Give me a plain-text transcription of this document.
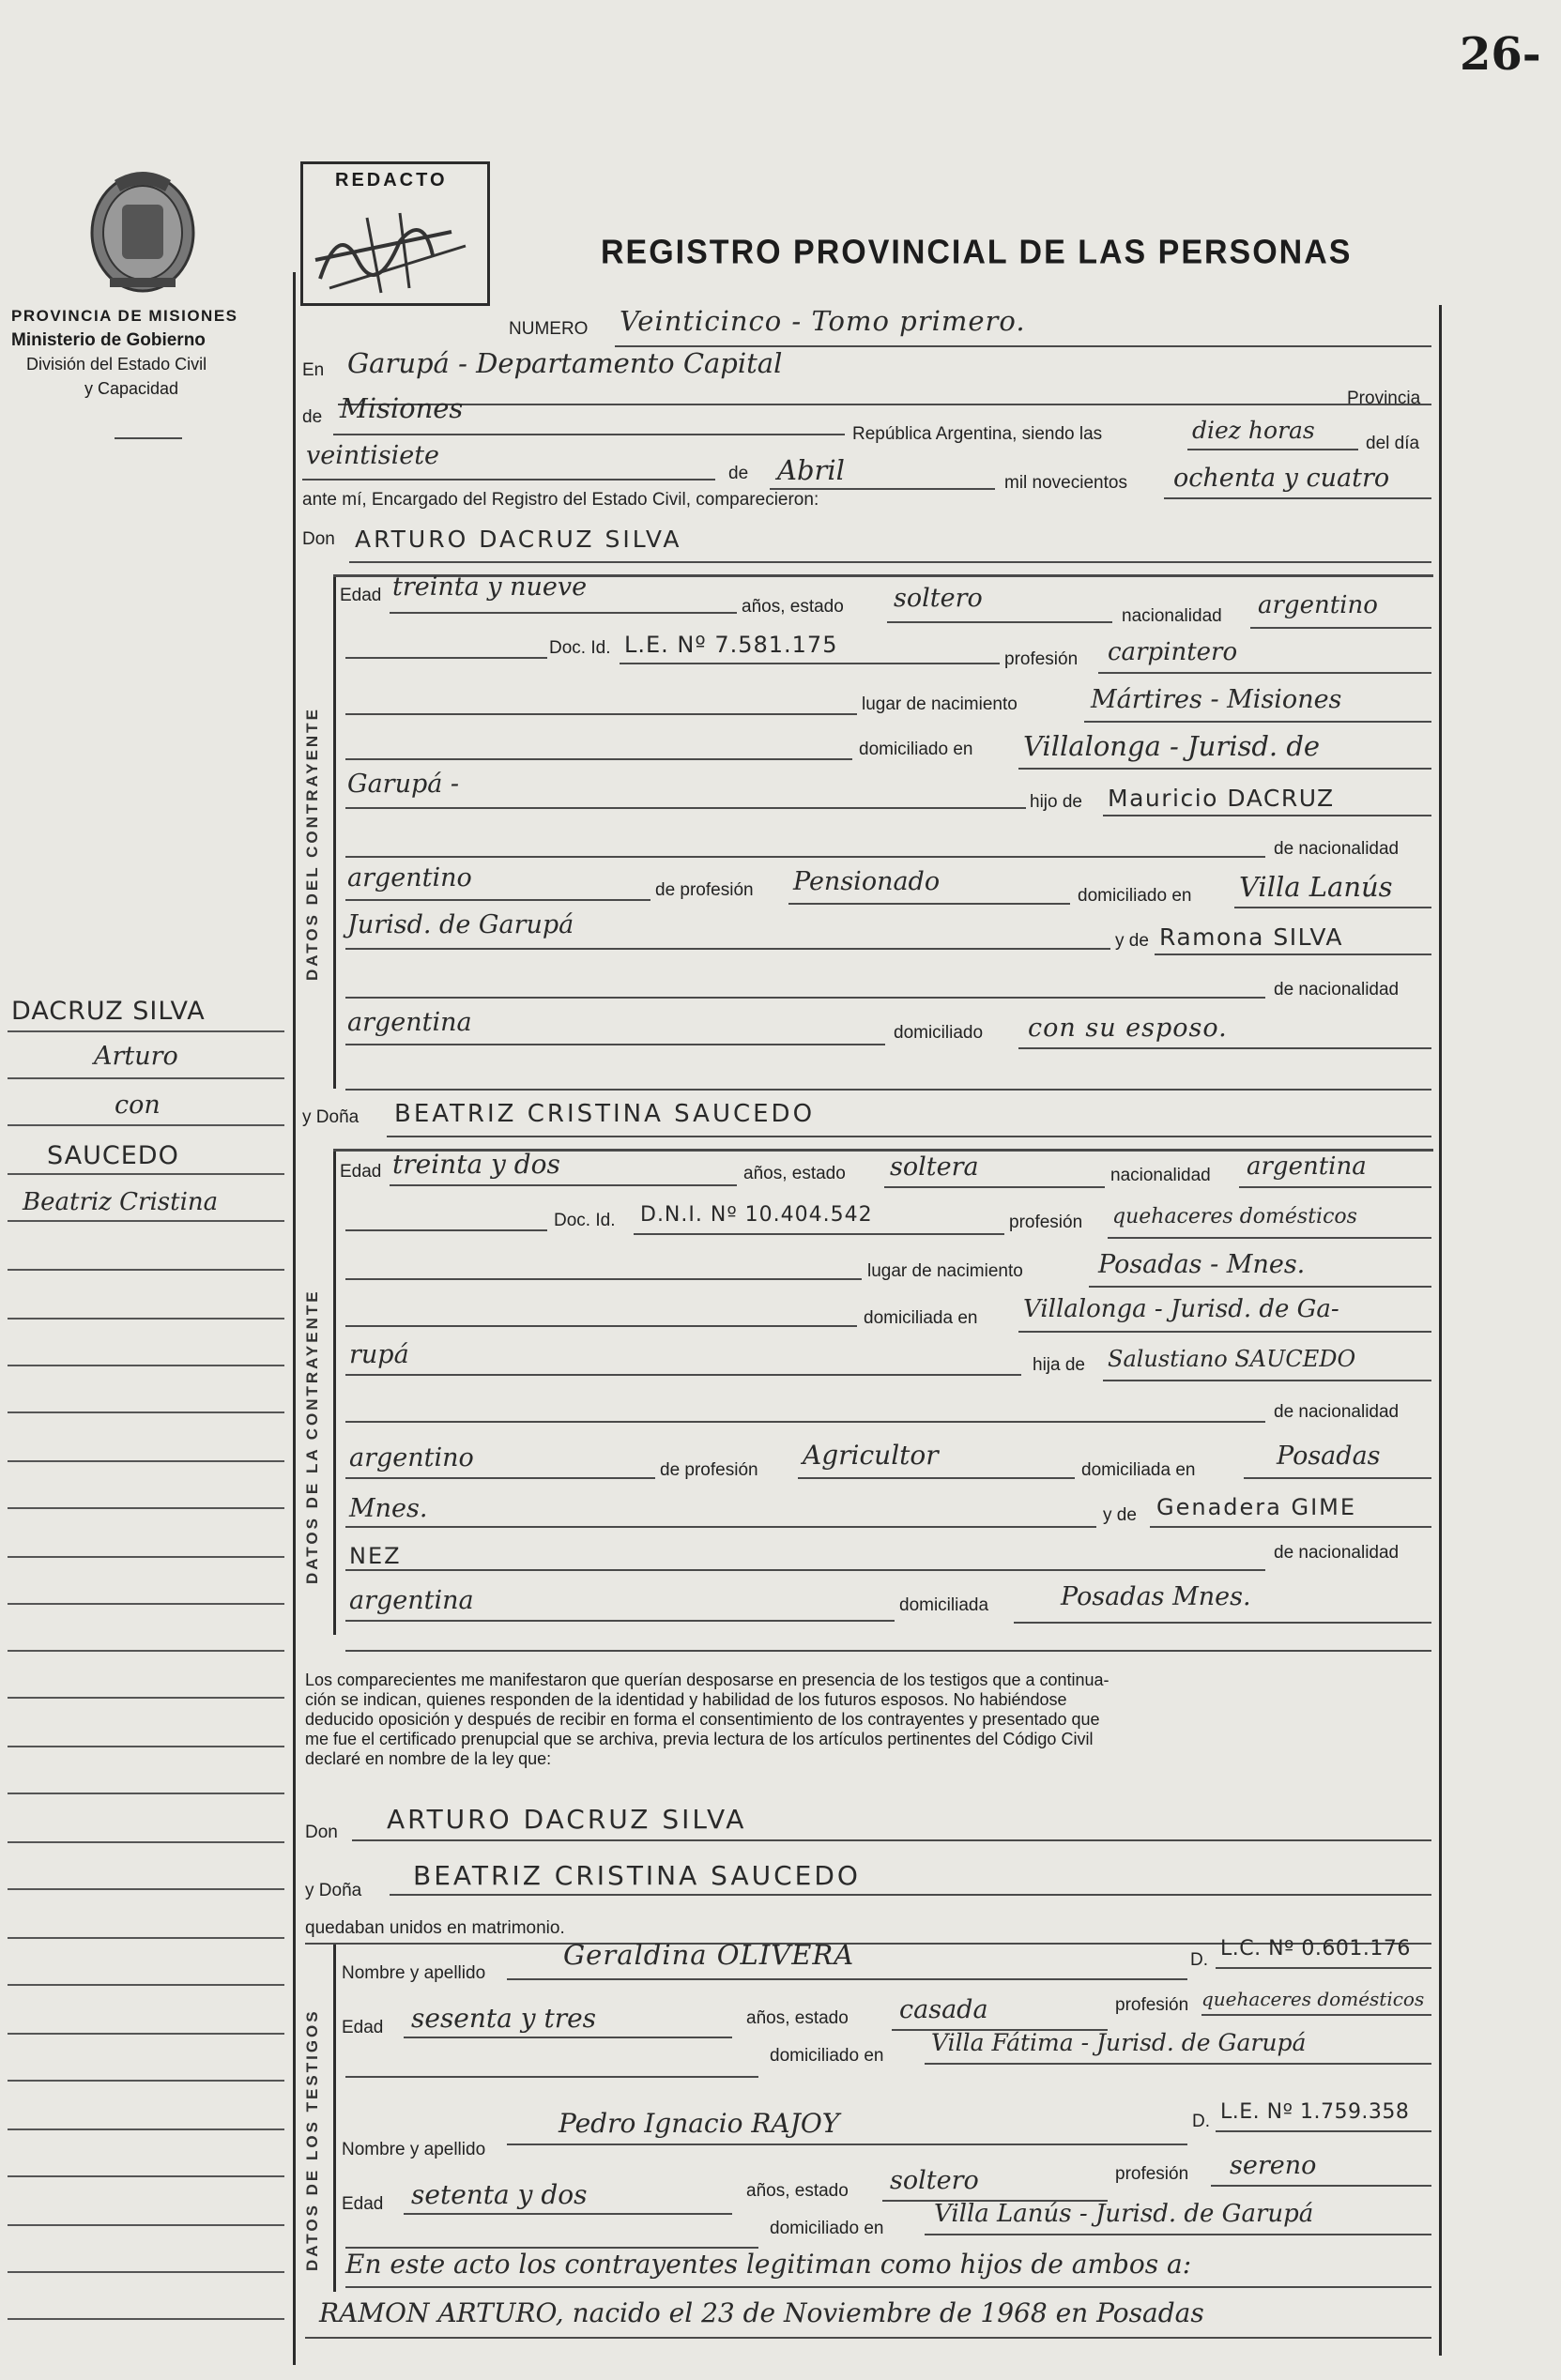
26-
PROVINCIA DE MISIONES
Ministerio de Gobierno
División del Estado Civil
y Capacidad
REDACTO
REGISTRO PROVINCIAL DE LAS PERSONAS
NUMERO Veinticinco - Tomo primero.
En Garupá - Departamento Capital
Provincia
de Misiones
República Argentina, siendo las	diez horas	del día
veintisiete
de Abril	mil novecientos ochenta y cuatro
ante mí, Encargado del Registro del Estado Civil, comparecieron:
Don ARTURO DACRUZ SILVA
DATOS DEL CONTRAYENTE
Edad treinta y nueve
años, estado soltero
nacionalidad argentino
Doc. Id. L.E. Nº 7.581.175
profesión carpintero
lugar de nacimiento	Mártires - Misiones
domiciliado en Villalonga - Jurisd. de
Garupá -
hijo de Mauricio DACRUZ
de nacionalidad
argentino	de profesión Pensionado	domiciliado en Villa Lanús
Jurisd. de Garupá
y de Ramona SILVA
de nacionalidad
argentina	domiciliado con su esposo.
y Doña BEATRIZ CRISTINA SAUCEDO
DATOS DE LA CONTRAYENTE
Edad treinta y dos	años, estado soltera	nacionalidad argentina
Doc. Id. D.N.I. Nº 10.404.542	profesión quehaceres domésticos
lugar de nacimiento	Posadas - Mnes.
domiciliada en Villalonga - Jurisd. de Ga-
rupá	hija de Salustiano SAUCEDO
de nacionalidad
argentino	de profesión Agricultor	domiciliada en	Posadas
Mnes.	y de Genadera GIME
NEZ	de nacionalidad
argentina	domiciliada	Posadas Mnes.
Los comparecientes me manifestaron que querían desposarse en presencia de los testigos que a continua-
ción se indican, quienes responden de la identidad y habilidad de los futuros esposos. No habiéndose
deducido oposición y después de recibir en forma el consentimiento de los contrayentes y presentado que
me fue el certificado prenupcial que se archiva, previa lectura de los artículos pertinentes del Código Civil
declaré en nombre de la ley que:
Don ARTURO DACRUZ SILVA
y Doña BEATRIZ CRISTINA SAUCEDO
quedaban unidos en matrimonio.
DATOS DE LOS TESTIGOS
Nombre y apellido
Geraldina OLIVERA	D. L.C. Nº 0.601.176
Edad sesenta y tres	años, estado casada	profesión quehaceres domésticos
domiciliado en Villa Fátima - Jurisd. de Garupá
Pedro Ignacio RAJOY
Nombre y apellido
D. L.E. Nº 1.759.358
Edad setenta y dos	años, estado soltero	profesión sereno
domiciliado en
Villa Lanús - Jurisd. de Garupá
En este acto los contrayentes legitiman como hijos de ambos a:
RAMON ARTURO, nacido el 23 de Noviembre de 1968 en Posadas
DACRUZ SILVA
Arturo
con
SAUCEDO
Beatriz Cristina
